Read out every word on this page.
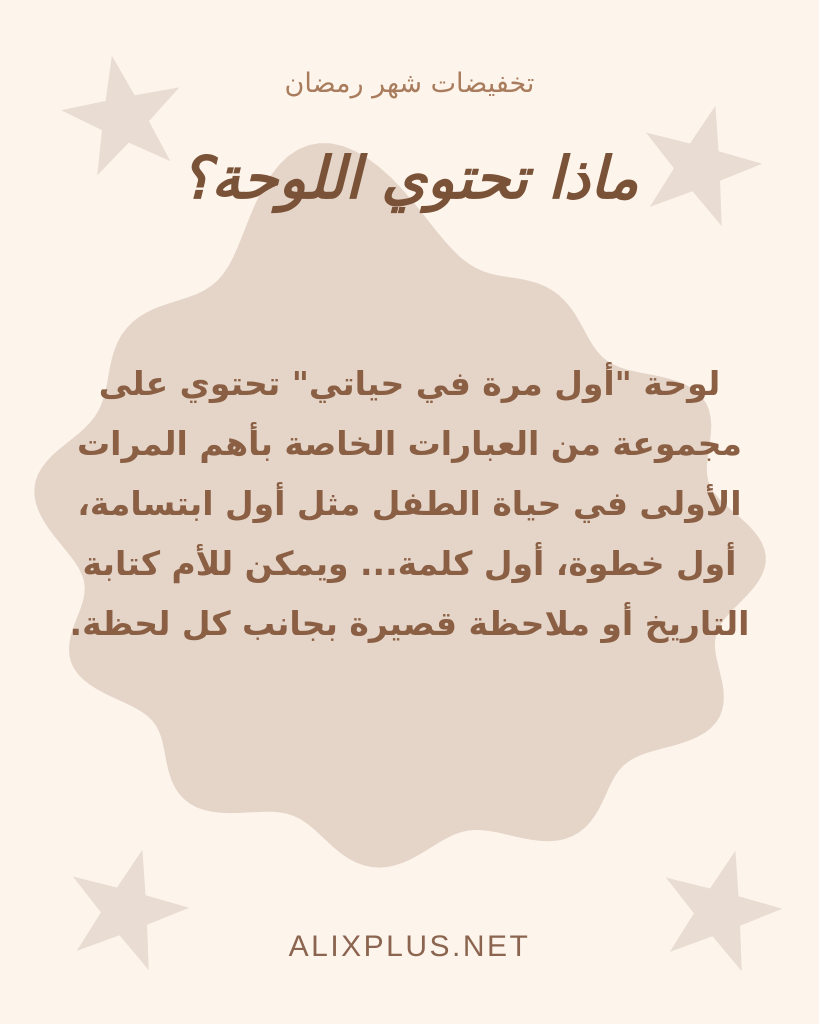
تخفيضات شهر رمضان
ماذا تحتوي اللوحة؟
لوحة "أول مرة في حياتي" تحتوي على
مجموعة من العبارات الخاصة بأهم المرات
الأولى في حياة الطفل مثل أول ابتسامة،
أول خطوة، أول كلمة... ويمكن للأم كتابة
التاريخ أو ملاحظة قصيرة بجانب كل لحظة.
ALIXPLUS.NET
